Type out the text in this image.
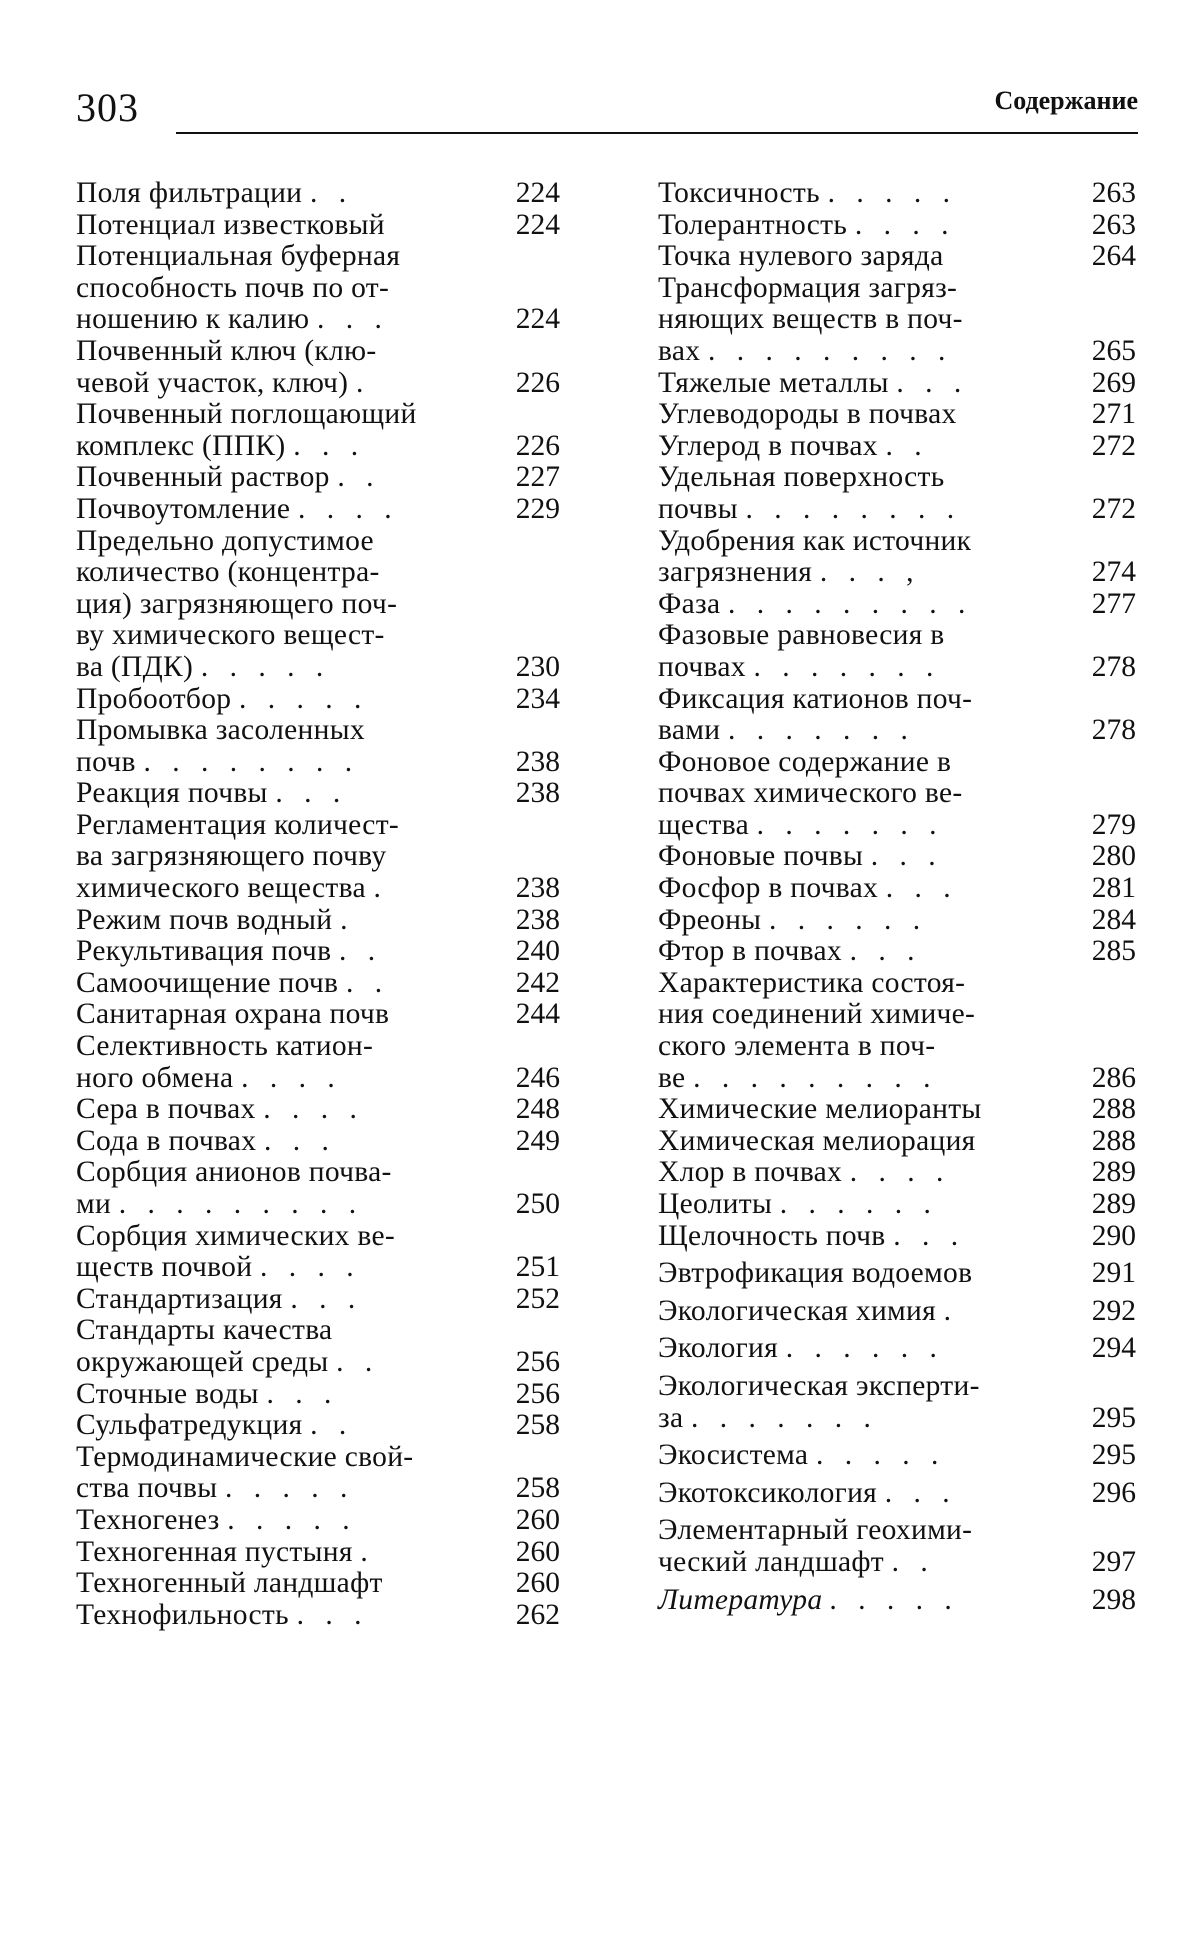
303	Содержание
Поля фильтрации . .	224
Потенциал известковый	224
Потенциальная буферная
способность почв по от-
ношению к калию . . .	224
Почвенный ключ (клю-
чевой участок, ключ) .	226
Почвенный поглощающий
комплекс (ППК) . . .	226
Почвенный раствор . .	227
Почвоутомление . . . .	229
Предельно допустимое
количество (концентра-
ция) загрязняющего поч-
ву химического вещест-
ва (ПДК) . . . . .	230
Пробоотбор . . . . .	234
Промывка засоленных
почв . . . . . . . .	238
Реакция почвы . . .	238
Регламентация количест-
ва загрязняющего почву
химического вещества .	238
Режим почв водный .	238
Рекультивация почв . .	240
Самоочищение почв . .	242
Санитарная охрана почв	244
Селективность катион-
ного обмена . . . .	246
Сера в почвах . . . .	248
Сода в почвах . . .	249
Сорбция анионов почва-
ми . . . . . . . . .	250
Сорбция химических ве-
ществ почвой . . . .	251
Стандартизация . . .	252
Стандарты качества
окружающей среды . .	256
Сточные воды . . .	256
Сульфатредукция . .	258
Термодинамические свой-
ства почвы . . . . .	258
Техногенез . . . . .	260
Техногенная пустыня .	260
Техногенный ландшафт	260
Технофильность . . .	262
Токсичность . . . . .	263
Толерантность . . . .	263
Точка нулевого заряда	264
Трансформация загряз-
няющих веществ в поч-
вах . . . . . . . . .	265
Тяжелые металлы . . .	269
Углеводороды в почвах	271
Углерод в почвах . .	272
Удельная поверхность
почвы . . . . . . . .	272
Удобрения как источник
загрязнения . . . ,	274
Фаза . . . . . . . . .	277
Фазовые равновесия в
почвах . . . . . . .	278
Фиксация катионов поч-
вами . . . . . . .	278
Фоновое содержание в
почвах химического ве-
щества . . . . . . .	279
Фоновые почвы . . .	280
Фосфор в почвах . . .	281
Фреоны . . . . . .	284
Фтор в почвах . . .	285
Характеристика состоя-
ния соединений химиче-
ского элемента в поч-
ве . . . . . . . . .	286
Химические мелиоранты	288
Химическая мелиорация	288
Хлор в почвах . . . .	289
Цеолиты . . . . . .	289
Щелочность почв . . .	290
Эвтрофикация водоемов	291
Экологическая химия .	292
Экология . . . . . .	294
Экологическая эксперти-
за . . . . . . .	295
Экосистема . . . . .	295
Экотоксикология . . .	296
Элементарный геохими-
ческий ландшафт . .	297
Литература . . . . .	298
